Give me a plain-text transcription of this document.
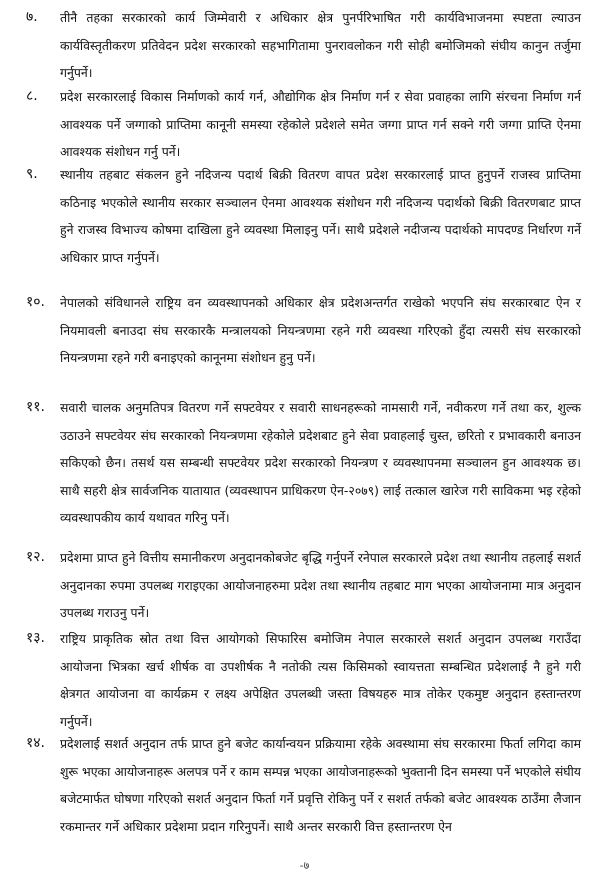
७. तीनै तहका सरकारको कार्य जिम्मेवारी र अधिकार क्षेत्र पुनर्परिभाषित गरी कार्यविभाजनमा स्पष्टता ल्याउन कार्यविस्तृतीकरण प्रतिवेदन प्रदेश सरकारको सहभागितामा पुनरावलोकन गरी सोही बमोजिमको संघीय कानुन तर्जुमा गर्नुपर्ने।
८. प्रदेश सरकारलाई विकास निर्माणको कार्य गर्न, औद्योगिक क्षेत्र निर्माण गर्न र सेवा प्रवाहका लागि संरचना निर्माण गर्न आवश्यक पर्ने जग्गाको प्राप्तिमा कानूनी समस्या रहेकोले प्रदेशले समेत जग्गा प्राप्त गर्न सक्ने गरी जग्गा प्राप्ति ऐनमा आवश्यक संशोधन गर्नु पर्ने।
९. स्थानीय तहबाट संकलन हुने नदिजन्य पदार्थ बिक्री वितरण वापत प्रदेश सरकारलाई प्राप्त हुनुपर्ने राजस्व प्राप्तिमा कठिनाइ भएकोले स्थानीय सरकार सञ्चालन ऐनमा आवश्यक संशोधन गरी नदिजन्य पदार्थको बिक्री वितरणबाट प्राप्त हुने राजस्व विभाज्य कोषमा दाखिला हुने व्यवस्था मिलाइनु पर्ने। साथै प्रदेशले नदीजन्य पदार्थको मापदण्ड निर्धारण गर्ने अधिकार प्राप्त गर्नुपर्ने।
१०. नेपालको संविधानले राष्ट्रिय वन व्यवस्थापनको अधिकार क्षेत्र प्रदेशअन्तर्गत राखेको भएपनि संघ सरकारबाट ऐन र नियमावली बनाउदा संघ सरकारकै मन्त्रालयको नियन्त्रणमा रहने गरी व्यवस्था गरिएको हुँदा त्यसरी संघ सरकारको नियन्त्रणमा रहने गरी बनाइएको कानूनमा संशोधन हुनु पर्ने।
११. सवारी चालक अनुमतिपत्र वितरण गर्ने सफ्टवेयर र सवारी साधनहरूको नामसारी गर्ने, नवीकरण गर्ने तथा कर, शुल्क उठाउने सफ्टवेयर संघ सरकारको नियन्त्रणमा रहेकोले प्रदेशबाट हुने सेवा प्रवाहलाई चुस्त, छरितो र प्रभावकारी बनाउन सकिएको छैन। तसर्थ यस सम्बन्धी सफ्टवेयर प्रदेश सरकारको नियन्त्रण र व्यवस्थापनमा सञ्चालन हुन आवश्यक छ। साथै सहरी क्षेत्र सार्वजनिक यातायात (व्यवस्थापन प्राधिकरण ऐन-२०७९) लाई तत्काल खारेज गरी साविकमा भइ रहेको व्यवस्थापकीय कार्य यथावत गरिनु पर्ने।
१२. प्रदेशमा प्राप्त हुने वित्तीय समानीकरण अनुदानकोबजेट बृद्धि गर्नुपर्ने रनेपाल सरकारले प्रदेश तथा स्थानीय तहलाई सशर्त अनुदानका रुपमा उपलब्ध गराइएका आयोजनाहरुमा प्रदेश तथा स्थानीय तहबाट माग भएका आयोजनामा मात्र अनुदान उपलब्ध गराउनु पर्ने।
१३. राष्ट्रिय प्राकृतिक स्रोत तथा वित्त आयोगको सिफारिस बमोजिम नेपाल सरकारले सशर्त अनुदान उपलब्ध गराउँदा आयोजना भित्रका खर्च शीर्षक वा उपशीर्षक नै नतोकी त्यस किसिमको स्वायत्तता सम्बन्धित प्रदेशलाई नै हुने गरी क्षेत्रगत आयोजना वा कार्यक्रम र लक्ष्य अपेक्षित उपलब्धी जस्ता विषयहरु मात्र तोकेर एकमुष्ट अनुदान हस्तान्तरण गर्नुपर्ने।
१४. प्रदेशलाई सशर्त अनुदान तर्फ प्राप्त हुने बजेट कार्यान्वयन प्रक्रियामा रहेके अवस्थामा संघ सरकारमा फिर्ता लगिदा काम शुरू भएका आयोजनाहरू अलपत्र पर्ने र काम सम्पन्न भएका आयोजनाहरूको भुक्तानी दिन समस्या पर्ने भएकोले संघीय बजेटमार्फत घोषणा गरिएको सशर्त अनुदान फिर्ता गर्ने प्रवृत्ति रोकिनु पर्ने र सशर्त तर्फको बजेट आवश्यक ठाउँमा लैजान रकमान्तर गर्ने अधिकार प्रदेशमा प्रदान गरिनुपर्ने। साथै अन्तर सरकारी वित्त हस्तान्तरण ऐन
-७
